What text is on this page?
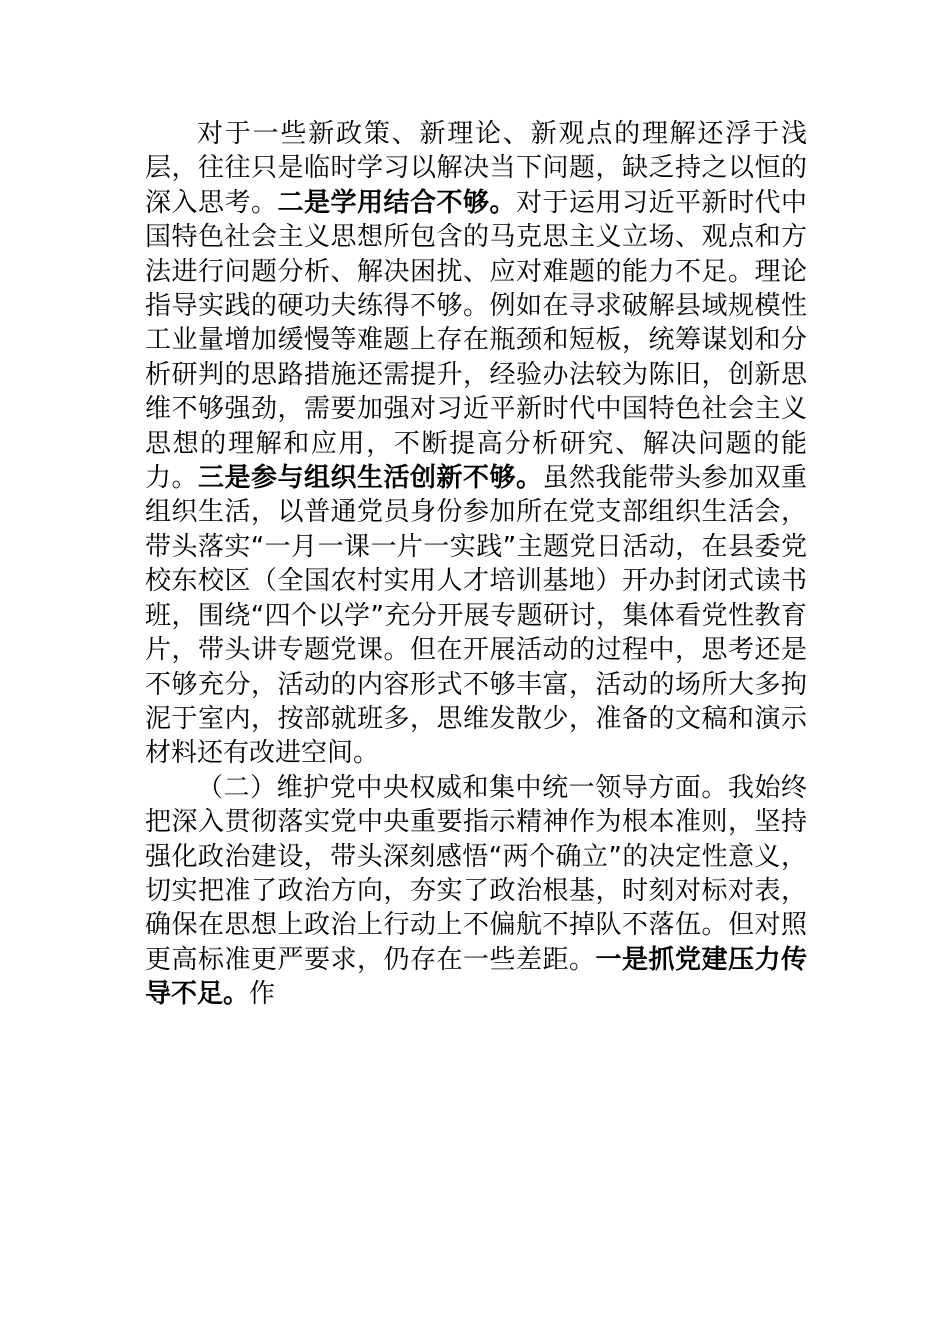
对于一些新政策、新理论、新观点的理解还浮于浅层，往往只是临时学习以解决当下问题，缺乏持之以恒的深入思考。二是学用结合不够。对于运用习近平新时代中国特色社会主义思想所包含的马克思主义立场、观点和方法进行问题分析、解决困扰、应对难题的能力不足。理论指导实践的硬功夫练得不够。例如在寻求破解县域规模性工业量增加缓慢等难题上存在瓶颈和短板，统筹谋划和分析研判的思路措施还需提升，经验办法较为陈旧，创新思维不够强劲，需要加强对习近平新时代中国特色社会主义思想的理解和应用，不断提高分析研究、解决问题的能力。三是参与组织生活创新不够。虽然我能带头参加双重组织生活，以普通党员身份参加所在党支部组织生活会，带头落实“一月一课一片一实践”主题党日活动，在县委党校东校区（全国农村实用人才培训基地）开办封闭式读书班，围绕“四个以学”充分开展专题研讨，集体看党性教育片，带头讲专题党课。但在开展活动的过程中，思考还是不够充分，活动的内容形式不够丰富，活动的场所大多拘泥于室内，按部就班多，思维发散少，准备的文稿和演示材料还有改进空间。

（二）维护党中央权威和集中统一领导方面。我始终把深入贯彻落实党中央重要指示精神作为根本准则，坚持强化政治建设，带头深刻感悟“两个确立”的决定性意义，切实把准了政治方向，夯实了政治根基，时刻对标对表，确保在思想上政治上行动上不偏航不掉队不落伍。但对照更高标准更严要求，仍存在一些差距。一是抓党建压力传导不足。作
